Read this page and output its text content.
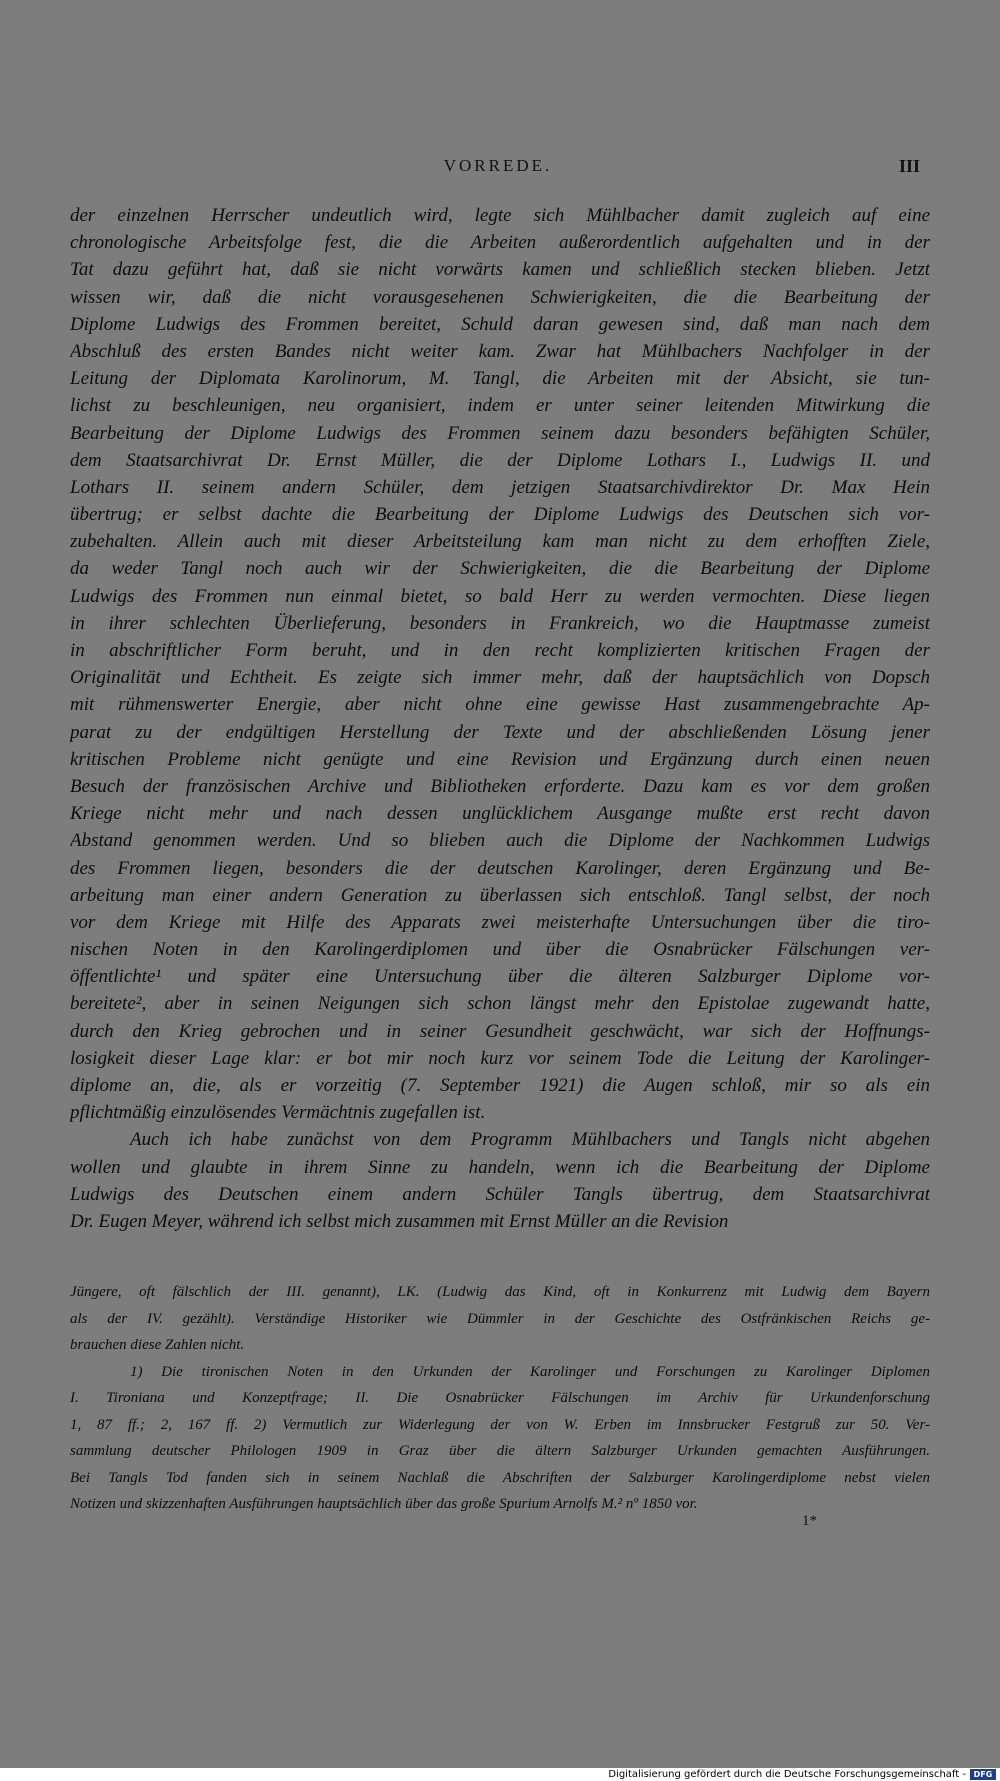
VORREDE.	III
der einzelnen Herrscher undeutlich wird, legte sich Mühlbacher damit zugleich auf eine
chronologische Arbeitsfolge fest, die die Arbeiten außerordentlich aufgehalten und in der
Tat dazu geführt hat, daß sie nicht vorwärts kamen und schließlich stecken blieben. Jetzt
wissen wir, daß die nicht vorausgesehenen Schwierigkeiten, die die Bearbeitung der
Diplome Ludwigs des Frommen bereitet, Schuld daran gewesen sind, daß man nach dem
Abschluß des ersten Bandes nicht weiter kam. Zwar hat Mühlbachers Nachfolger in der
Leitung der Diplomata Karolinorum, M. Tangl, die Arbeiten mit der Absicht, sie tun-
lichst zu beschleunigen, neu organisiert, indem er unter seiner leitenden Mitwirkung die
Bearbeitung der Diplome Ludwigs des Frommen seinem dazu besonders befähigten Schüler,
dem Staatsarchivrat Dr. Ernst Müller, die der Diplome Lothars I., Ludwigs II. und
Lothars II. seinem andern Schüler, dem jetzigen Staatsarchivdirektor Dr. Max Hein
übertrug; er selbst dachte die Bearbeitung der Diplome Ludwigs des Deutschen sich vor-
zubehalten. Allein auch mit dieser Arbeitsteilung kam man nicht zu dem erhofften Ziele,
da weder Tangl noch auch wir der Schwierigkeiten, die die Bearbeitung der Diplome
Ludwigs des Frommen nun einmal bietet, so bald Herr zu werden vermochten. Diese liegen
in ihrer schlechten Überlieferung, besonders in Frankreich, wo die Hauptmasse zumeist
in abschriftlicher Form beruht, und in den recht komplizierten kritischen Fragen der
Originalität und Echtheit. Es zeigte sich immer mehr, daß der hauptsächlich von Dopsch
mit rühmenswerter Energie, aber nicht ohne eine gewisse Hast zusammengebrachte Ap-
parat zu der endgültigen Herstellung der Texte und der abschließenden Lösung jener
kritischen Probleme nicht genügte und eine Revision und Ergänzung durch einen neuen
Besuch der französischen Archive und Bibliotheken erforderte. Dazu kam es vor dem großen
Kriege nicht mehr und nach dessen unglücklichem Ausgange mußte erst recht davon
Abstand genommen werden. Und so blieben auch die Diplome der Nachkommen Ludwigs
des Frommen liegen, besonders die der deutschen Karolinger, deren Ergänzung und Be-
arbeitung man einer andern Generation zu überlassen sich entschloß. Tangl selbst, der noch
vor dem Kriege mit Hilfe des Apparats zwei meisterhafte Untersuchungen über die tiro-
nischen Noten in den Karolingerdiplomen und über die Osnabrücker Fälschungen ver-
öffentlichte¹ und später eine Untersuchung über die älteren Salzburger Diplome vor-
bereitete², aber in seinen Neigungen sich schon längst mehr den Epistolae zugewandt hatte,
durch den Krieg gebrochen und in seiner Gesundheit geschwächt, war sich der Hoffnungs-
losigkeit dieser Lage klar: er bot mir noch kurz vor seinem Tode die Leitung der Karolinger-
diplome an, die, als er vorzeitig (7. September 1921) die Augen schloß, mir so als ein
pflichtmäßig einzulösendes Vermächtnis zugefallen ist.
Auch ich habe zunächst von dem Programm Mühlbachers und Tangls nicht abgehen
wollen und glaubte in ihrem Sinne zu handeln, wenn ich die Bearbeitung der Diplome
Ludwigs des Deutschen einem andern Schüler Tangls übertrug, dem Staatsarchivrat
Dr. Eugen Meyer, während ich selbst mich zusammen mit Ernst Müller an die Revision
Jüngere, oft fälschlich der III. genannt), LK. (Ludwig das Kind, oft in Konkurrenz mit Ludwig dem Bayern
als der IV. gezählt). Verständige Historiker wie Dümmler in der Geschichte des Ostfränkischen Reichs ge-
brauchen diese Zahlen nicht.
1) Die tironischen Noten in den Urkunden der Karolinger und Forschungen zu Karolinger Diplomen
I. Tironiana und Konzeptfrage; II. Die Osnabrücker Fälschungen im Archiv für Urkundenforschung
1, 87 ff.; 2, 167 ff. 2) Vermutlich zur Widerlegung der von W. Erben im Innsbrucker Festgruß zur 50. Ver-
sammlung deutscher Philologen 1909 in Graz über die ältern Salzburger Urkunden gemachten Ausführungen.
Bei Tangls Tod fanden sich in seinem Nachlaß die Abschriften der Salzburger Karolingerdiplome nebst vielen
Notizen und skizzenhaften Ausführungen hauptsächlich über das große Spurium Arnolfs M.² nº 1850 vor.
1*
Digitalisierung gefördert durch die Deutsche Forschungsgemeinschaft - DFG
